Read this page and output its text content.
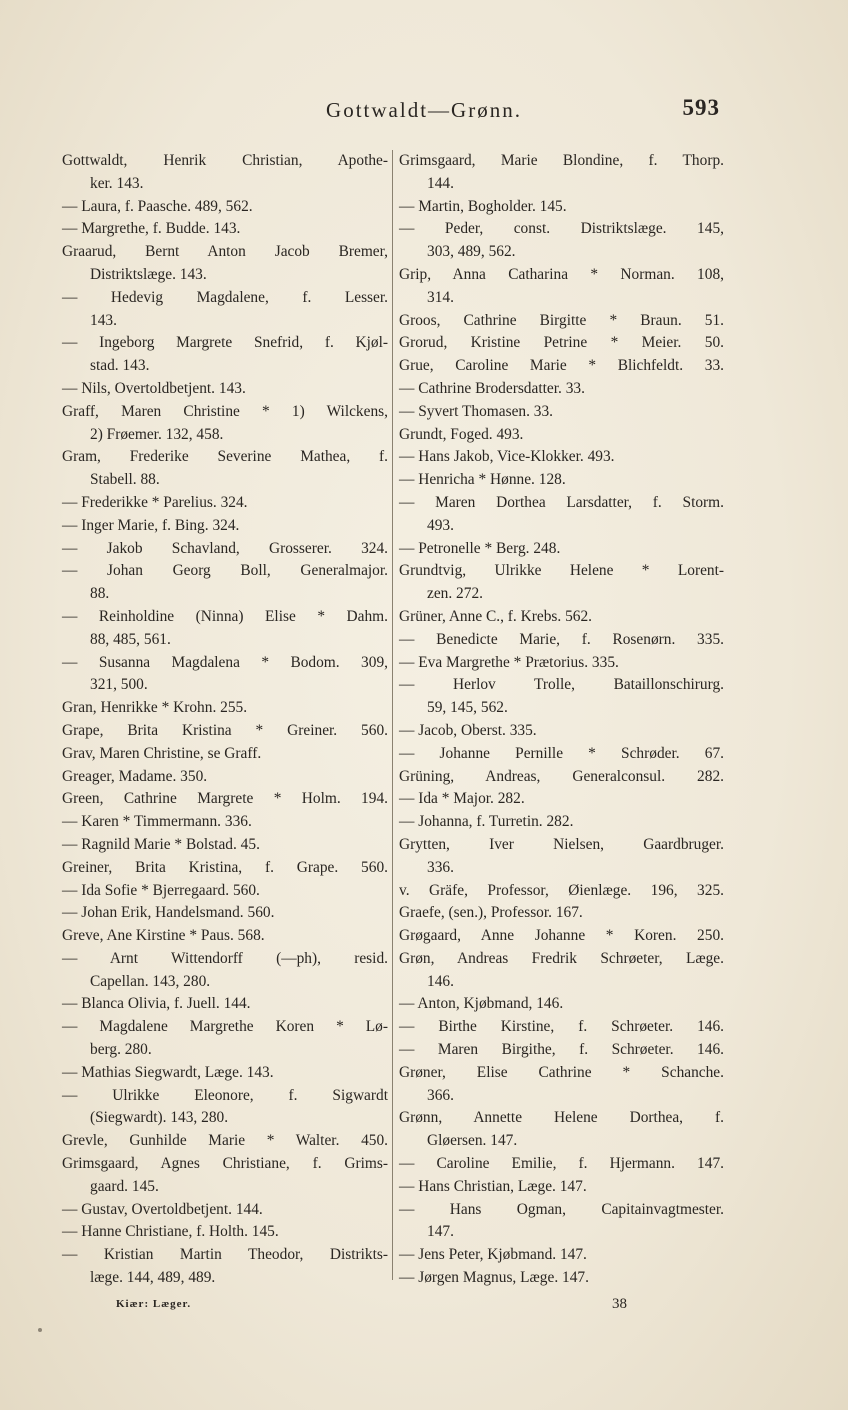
Gottwaldt—Grønn.	593
Gottwaldt, Henrik Christian, Apothe-
ker. 143.
— Laura, f. Paasche. 489, 562.
— Margrethe, f. Budde. 143.
Graarud, Bernt Anton Jacob Bremer,
Distriktslæge. 143.
— Hedevig Magdalene, f. Lesser.
143.
— Ingeborg Margrete Snefrid, f. Kjøl-
stad. 143.
— Nils, Overtoldbetjent. 143.
Graff, Maren Christine * 1) Wilckens,
2) Frøemer. 132, 458.
Gram, Frederike Severine Mathea, f.
Stabell. 88.
— Frederikke * Parelius. 324.
— Inger Marie, f. Bing. 324.
— Jakob Schavland, Grosserer. 324.
— Johan Georg Boll, Generalmajor.
88.
— Reinholdine (Ninna) Elise * Dahm.
88, 485, 561.
— Susanna Magdalena * Bodom. 309,
321, 500.
Gran, Henrikke * Krohn. 255.
Grape, Brita Kristina * Greiner. 560.
Grav, Maren Christine, se Graff.
Greager, Madame. 350.
Green, Cathrine Margrete * Holm. 194.
— Karen * Timmermann. 336.
— Ragnild Marie * Bolstad. 45.
Greiner, Brita Kristina, f. Grape. 560.
— Ida Sofie * Bjerregaard. 560.
— Johan Erik, Handelsmand. 560.
Greve, Ane Kirstine * Paus. 568.
— Arnt Wittendorff (—ph), resid.
Capellan. 143, 280.
— Blanca Olivia, f. Juell. 144.
— Magdalene Margrethe Koren * Lø-
berg. 280.
— Mathias Siegwardt, Læge. 143.
— Ulrikke Eleonore, f. Sigwardt
(Siegwardt). 143, 280.
Grevle, Gunhilde Marie * Walter. 450.
Grimsgaard, Agnes Christiane, f. Grims-
gaard. 145.
— Gustav, Overtoldbetjent. 144.
— Hanne Christiane, f. Holth. 145.
— Kristian Martin Theodor, Distrikts-
læge. 144, 489, 489.
Grimsgaard, Marie Blondine, f. Thorp.
144.
— Martin, Bogholder. 145.
— Peder, const. Distriktslæge. 145,
303, 489, 562.
Grip, Anna Catharina * Norman. 108,
314.
Groos, Cathrine Birgitte * Braun. 51.
Grorud, Kristine Petrine * Meier. 50.
Grue, Caroline Marie * Blichfeldt. 33.
— Cathrine Brodersdatter. 33.
— Syvert Thomasen. 33.
Grundt, Foged. 493.
— Hans Jakob, Vice-Klokker. 493.
— Henricha * Hønne. 128.
— Maren Dorthea Larsdatter, f. Storm.
493.
— Petronelle * Berg. 248.
Grundtvig, Ulrikke Helene * Lorent-
zen. 272.
Grüner, Anne C., f. Krebs. 562.
— Benedicte Marie, f. Rosenørn. 335.
— Eva Margrethe * Prætorius. 335.
— Herlov Trolle, Bataillonschirurg.
59, 145, 562.
— Jacob, Oberst. 335.
— Johanne Pernille * Schrøder. 67.
Grüning, Andreas, Generalconsul. 282.
— Ida * Major. 282.
— Johanna, f. Turretin. 282.
Grytten, Iver Nielsen, Gaardbruger.
336.
v. Gräfe, Professor, Øienlæge. 196, 325.
Graefe, (sen.), Professor. 167.
Grøgaard, Anne Johanne * Koren. 250.
Grøn, Andreas Fredrik Schrøeter, Læge.
146.
— Anton, Kjøbmand, 146.
— Birthe Kirstine, f. Schrøeter. 146.
— Maren Birgithe, f. Schrøeter. 146.
Grøner, Elise Cathrine * Schanche.
366.
Grønn, Annette Helene Dorthea, f.
Gløersen. 147.
— Caroline Emilie, f. Hjermann. 147.
— Hans Christian, Læge. 147.
— Hans Ogman, Capitainvagtmester.
147.
— Jens Peter, Kjøbmand. 147.
— Jørgen Magnus, Læge. 147.
Kiær: Læger.	38
